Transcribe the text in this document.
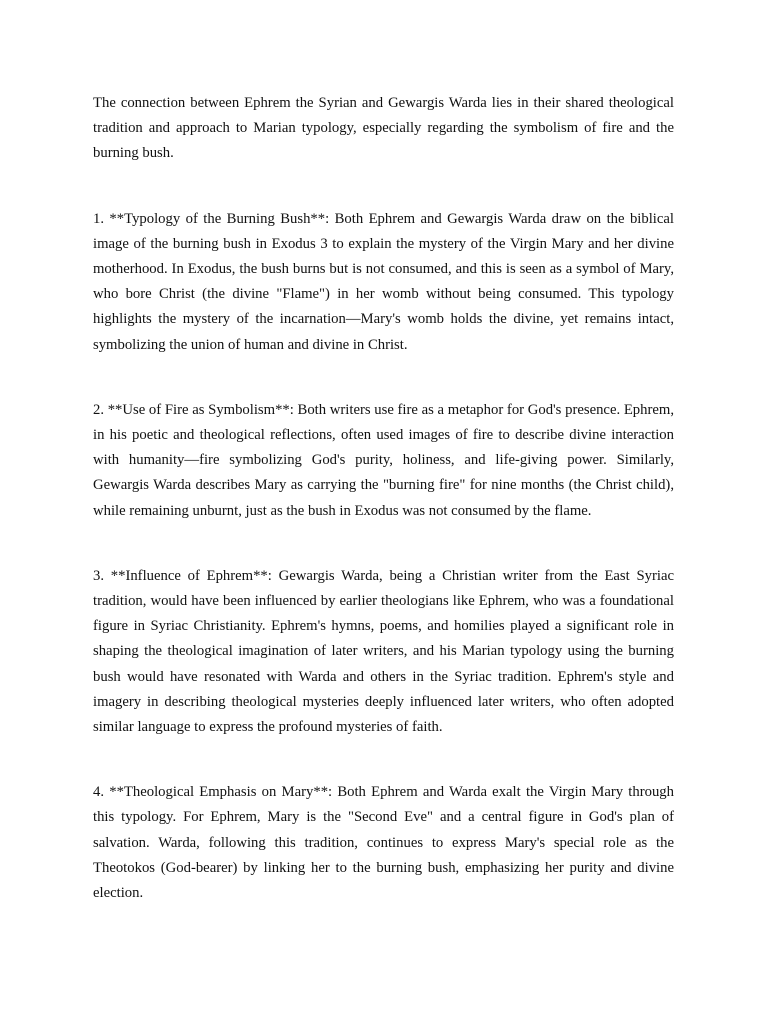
The connection between Ephrem the Syrian and Gewargis Warda lies in their shared theological tradition and approach to Marian typology, especially regarding the symbolism of fire and the burning bush.

1. **Typology of the Burning Bush**: Both Ephrem and Gewargis Warda draw on the biblical image of the burning bush in Exodus 3 to explain the mystery of the Virgin Mary and her divine motherhood. In Exodus, the bush burns but is not consumed, and this is seen as a symbol of Mary, who bore Christ (the divine "Flame") in her womb without being consumed. This typology highlights the mystery of the incarnation—Mary's womb holds the divine, yet remains intact, symbolizing the union of human and divine in Christ.

2. **Use of Fire as Symbolism**: Both writers use fire as a metaphor for God's presence. Ephrem, in his poetic and theological reflections, often used images of fire to describe divine interaction with humanity—fire symbolizing God's purity, holiness, and life-giving power. Similarly, Gewargis Warda describes Mary as carrying the "burning fire" for nine months (the Christ child), while remaining unburnt, just as the bush in Exodus was not consumed by the flame.

3. **Influence of Ephrem**: Gewargis Warda, being a Christian writer from the East Syriac tradition, would have been influenced by earlier theologians like Ephrem, who was a foundational figure in Syriac Christianity. Ephrem's hymns, poems, and homilies played a significant role in shaping the theological imagination of later writers, and his Marian typology using the burning bush would have resonated with Warda and others in the Syriac tradition. Ephrem's style and imagery in describing theological mysteries deeply influenced later writers, who often adopted similar language to express the profound mysteries of faith.

4. **Theological Emphasis on Mary**: Both Ephrem and Warda exalt the Virgin Mary through this typology. For Ephrem, Mary is the "Second Eve" and a central figure in God's plan of salvation. Warda, following this tradition, continues to express Mary's special role as the Theotokos (God-bearer) by linking her to the burning bush, emphasizing her purity and divine election.
